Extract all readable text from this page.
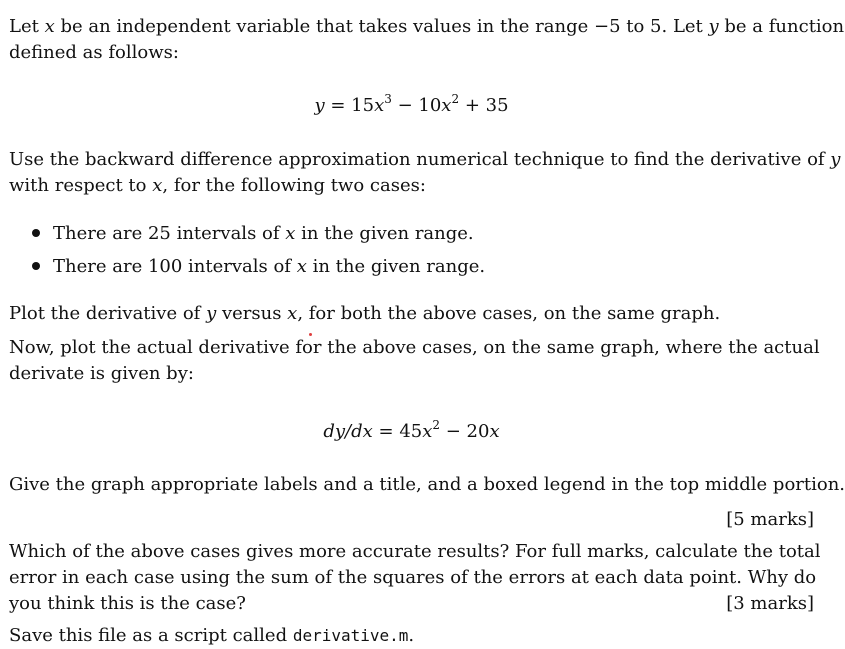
Let x be an independent variable that takes values in the range −5 to 5. Let y be a function

defined as follows:

$y = 15x^3 - 10x^2 + 35$

Use the backward difference approximation numerical technique to find the derivative of y

with respect to x, for the following two cases:

There are 25 intervals of x in the given range.
There are 100 intervals of x in the given range.

Plot the derivative of y versus x, for both the above cases, on the same graph.

Now, plot the actual derivative for the above cases, on the same graph, where the actual

derivate is given by:

$dy/dx = 45x^2 - 20x$

Give the graph appropriate labels and a title, and a boxed legend in the top middle portion.

[5 marks]

Which of the above cases gives more accurate results? For full marks, calculate the total

error in each case using the sum of the squares of the errors at each data point. Why do

you think this is the case?	[3 marks]

Save this file as a script called derivative.m.
